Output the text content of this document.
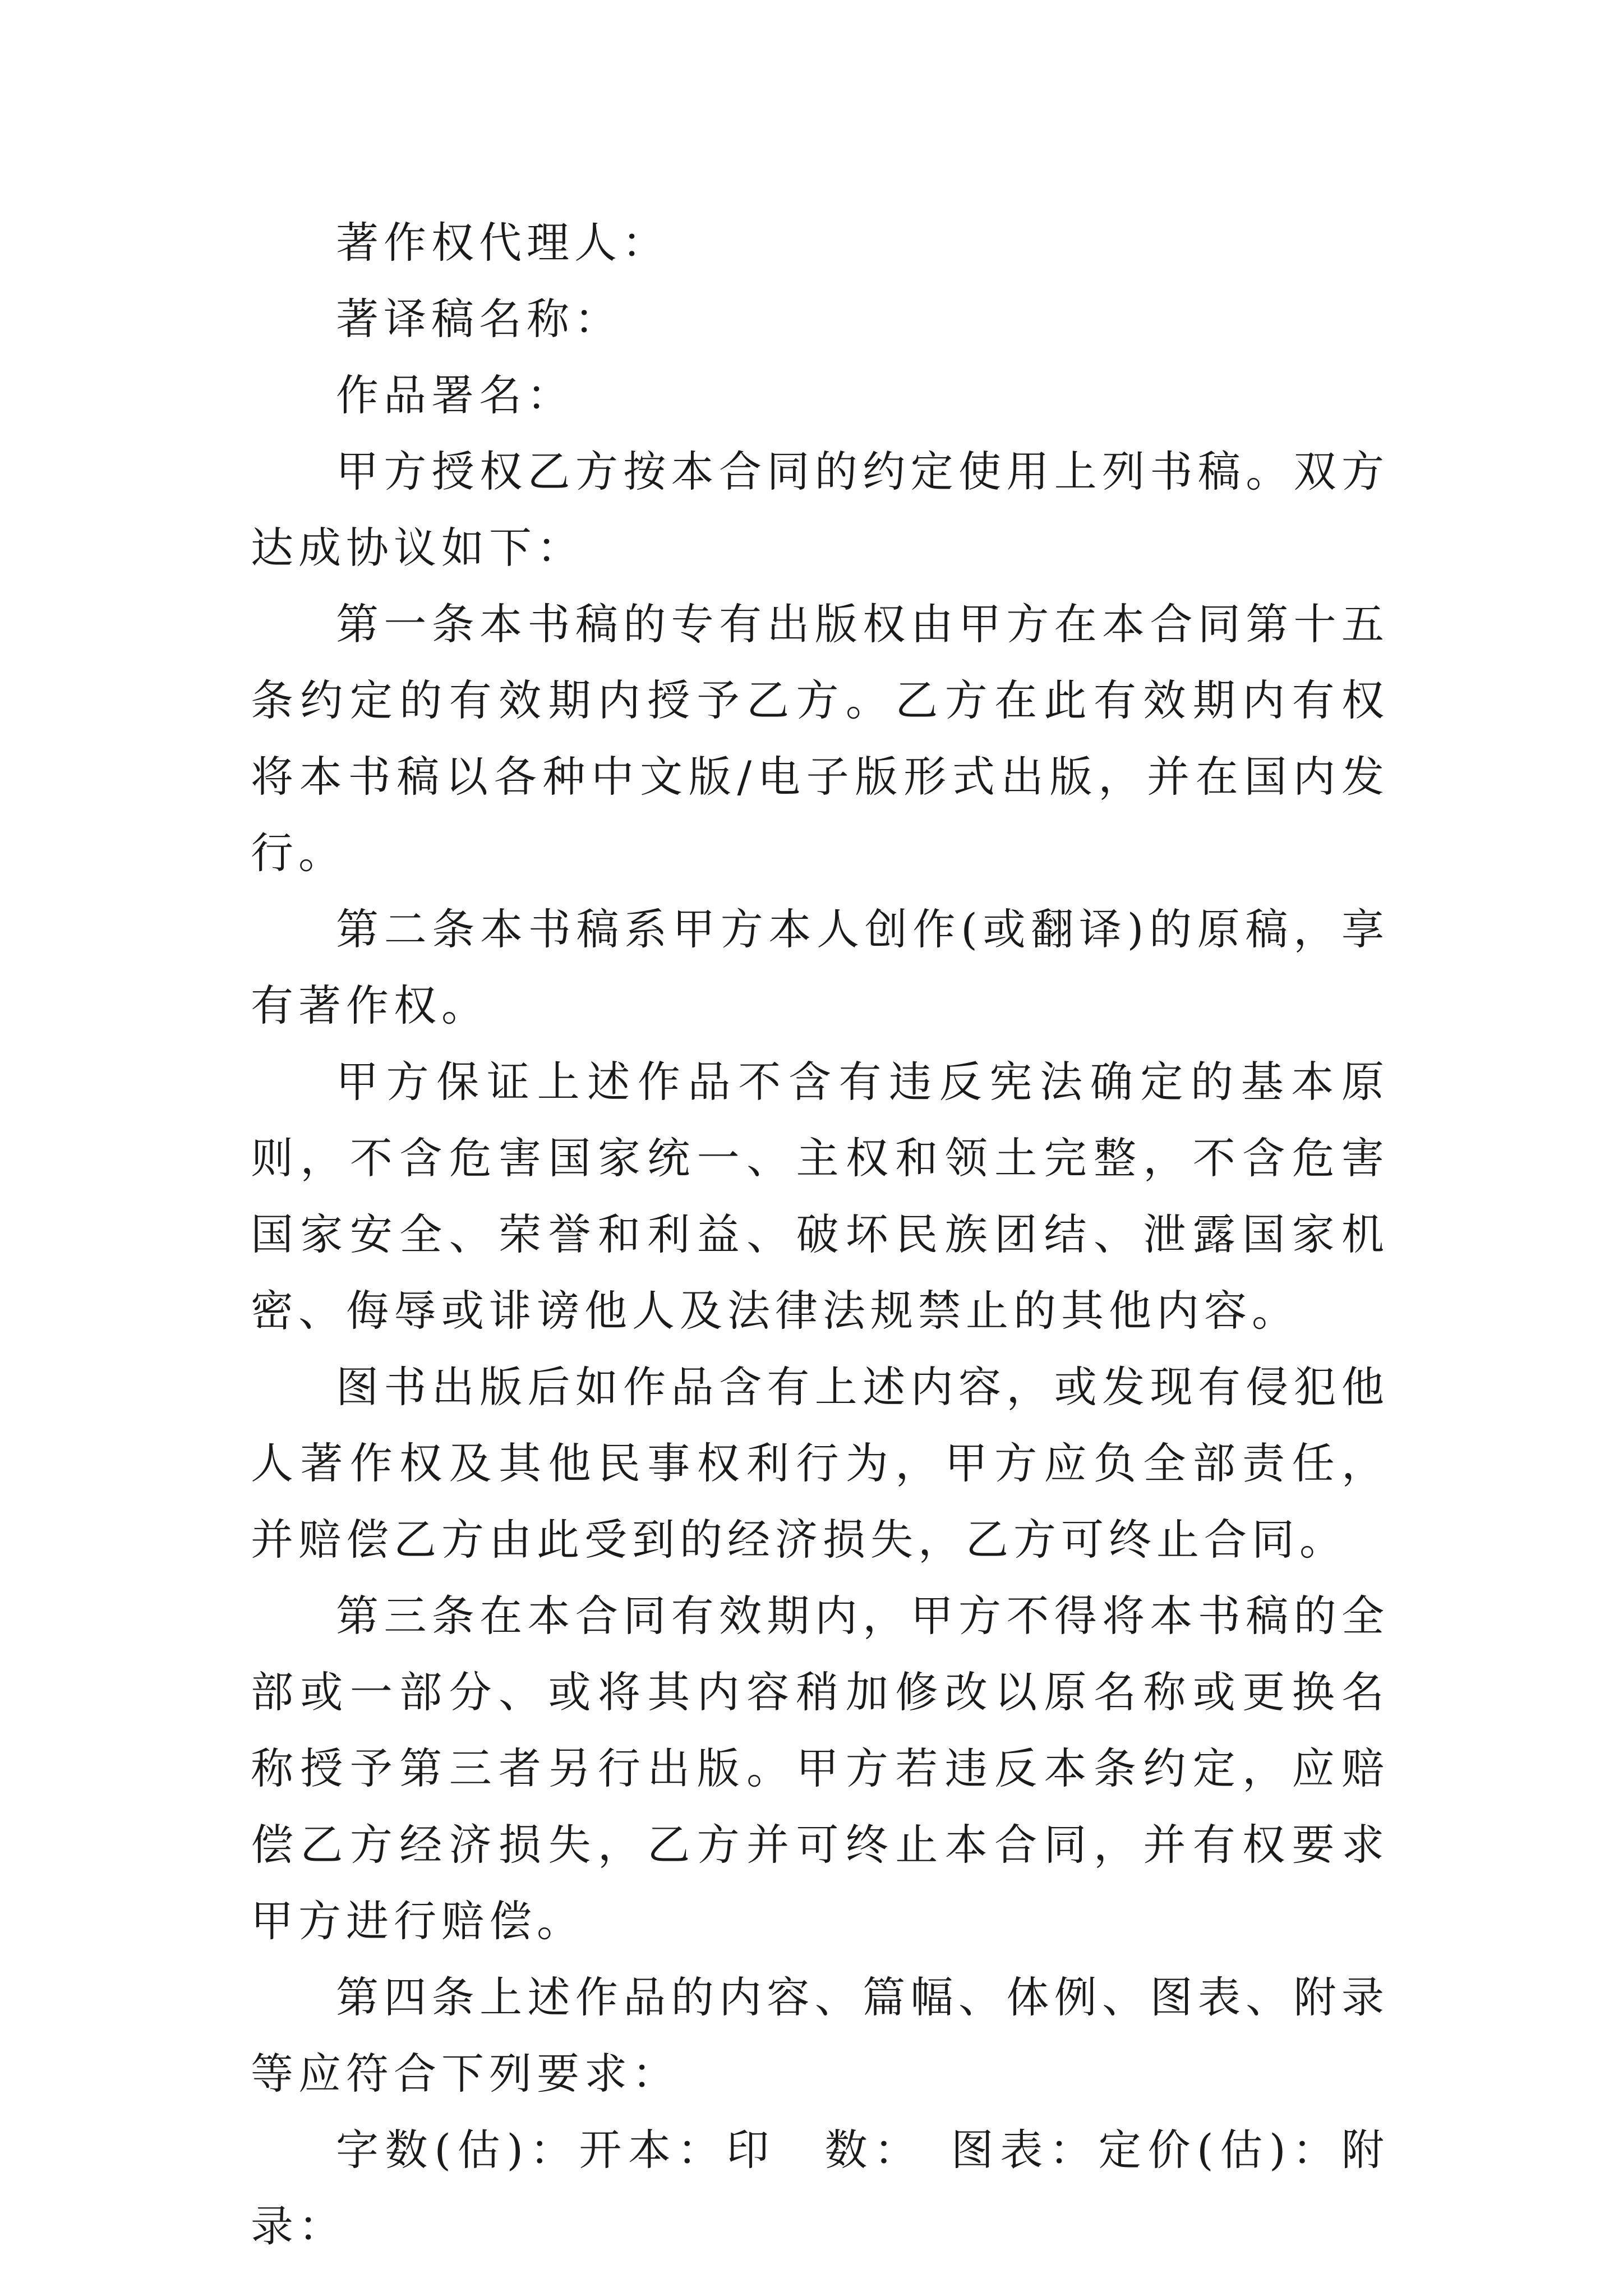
著作权代理人：

著译稿名称：

作品署名：

甲方授权乙方按本合同的约定使用上列书稿。双方达成协议如下：

第一条本书稿的专有出版权由甲方在本合同第十五条约定的有效期内授予乙方。乙方在此有效期内有权将本书稿以各种中文版/电子版形式出版，并在国内发行。

第二条本书稿系甲方本人创作(或翻译)的原稿，享有著作权。

甲方保证上述作品不含有违反宪法确定的基本原则，不含危害国家统一、主权和领土完整，不含危害国家安全、荣誉和利益、破坏民族团结、泄露国家机密、侮辱或诽谤他人及法律法规禁止的其他内容。

图书出版后如作品含有上述内容，或发现有侵犯他人著作权及其他民事权利行为，甲方应负全部责任，并赔偿乙方由此受到的经济损失，乙方可终止合同。

第三条在本合同有效期内，甲方不得将本书稿的全部或一部分、或将其内容稍加修改以原名称或更换名称授予第三者另行出版。甲方若违反本条约定，应赔偿乙方经济损失，乙方并可终止本合同，并有权要求甲方进行赔偿。

第四条上述作品的内容、篇幅、体例、图表、附录等应符合下列要求：

字数(估)：开本：印　数：　图表：定价(估)：附录：
